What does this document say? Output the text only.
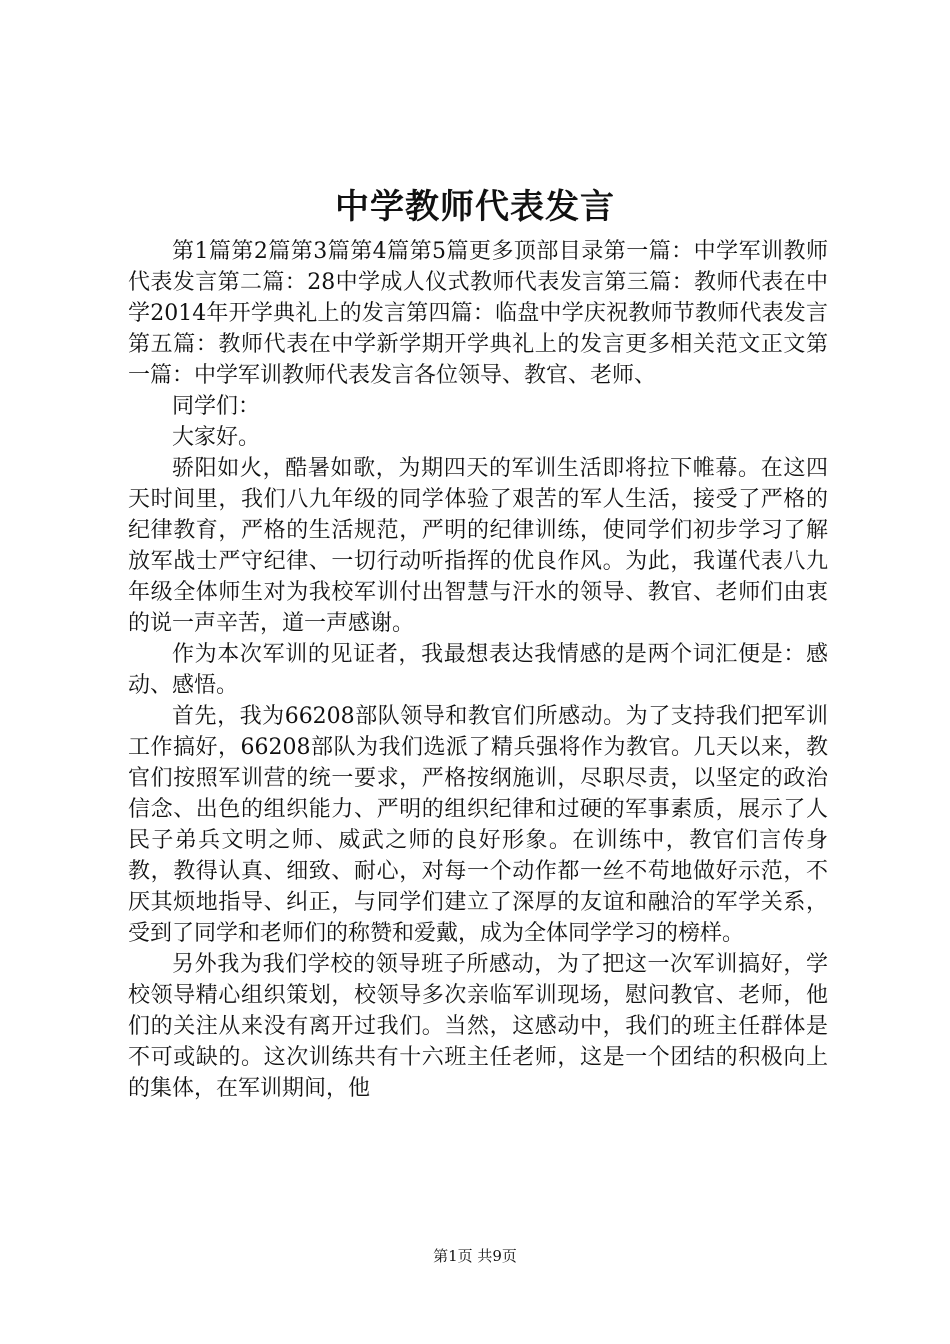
中学教师代表发言

第1篇第2篇第3篇第4篇第5篇更多顶部目录第一篇：中学军训教师代表发言第二篇：28中学成人仪式教师代表发言第三篇：教师代表在中学2014年开学典礼上的发言第四篇：临盘中学庆祝教师节教师代表发言第五篇：教师代表在中学新学期开学典礼上的发言更多相关范文正文第一篇：中学军训教师代表发言各位领导、教官、老师、

同学们：

大家好。

骄阳如火，酷暑如歌，为期四天的军训生活即将拉下帷幕。在这四天时间里，我们八九年级的同学体验了艰苦的军人生活，接受了严格的纪律教育，严格的生活规范，严明的纪律训练，使同学们初步学习了解放军战士严守纪律、一切行动听指挥的优良作风。为此，我谨代表八九年级全体师生对为我校军训付出智慧与汗水的领导、教官、老师们由衷的说一声辛苦，道一声感谢。

作为本次军训的见证者，我最想表达我情感的是两个词汇便是：感动、感悟。

首先，我为66208部队领导和教官们所感动。为了支持我们把军训工作搞好，66208部队为我们选派了精兵强将作为教官。几天以来，教官们按照军训营的统一要求，严格按纲施训，尽职尽责，以坚定的政治信念、出色的组织能力、严明的组织纪律和过硬的军事素质，展示了人民子弟兵文明之师、威武之师的良好形象。在训练中，教官们言传身教，教得认真、细致、耐心，对每一个动作都一丝不苟地做好示范，不厌其烦地指导、纠正，与同学们建立了深厚的友谊和融洽的军学关系，受到了同学和老师们的称赞和爱戴，成为全体同学学习的榜样。

另外我为我们学校的领导班子所感动，为了把这一次军训搞好，学校领导精心组织策划，校领导多次亲临军训现场，慰问教官、老师，他们的关注从来没有离开过我们。当然，这感动中，我们的班主任群体是不可或缺的。这次训练共有十六班主任老师，这是一个团结的积极向上的集体，在军训期间，他

第1页 共9页
